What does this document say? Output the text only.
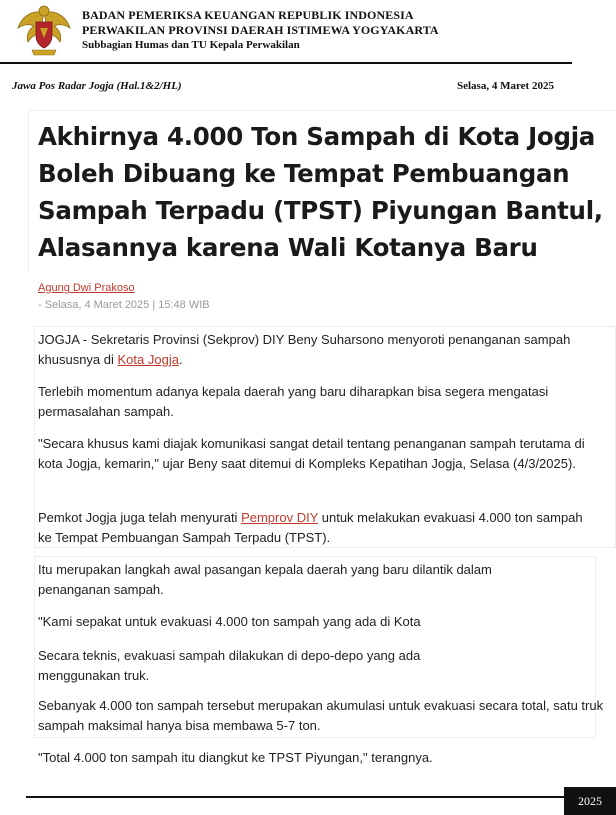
BADAN PEMERIKSA KEUANGAN REPUBLIK INDONESIA
PERWAKILAN PROVINSI DAERAH ISTIMEWA YOGYAKARTA
Subbagian Humas dan TU Kepala Perwakilan
Jawa Pos Radar Jogja (Hal.1&2/HL)	Selasa, 4 Maret 2025
Akhirnya 4.000 Ton Sampah di Kota Jogja Boleh Dibuang ke Tempat Pembuangan Sampah Terpadu (TPST) Piyungan Bantul, Alasannya karena Wali Kotanya Baru
Agung Dwi Prakoso
- Selasa, 4 Maret 2025 | 15:48 WIB

JOGJA - Sekretaris Provinsi (Sekprov) DIY Beny Suharsono menyoroti penanganan sampah khususnya di Kota Jogja.

Terlebih momentum adanya kepala daerah yang baru diharapkan bisa segera mengatasi permasalahan sampah.

"Secara khusus kami diajak komunikasi sangat detail tentang penanganan sampah terutama di kota Jogja, kemarin," ujar Beny saat ditemui di Kompleks Kepatihan Jogja, Selasa (4/3/2025).

Pemkot Jogja juga telah menyurati Pemprov DIY untuk melakukan evakuasi 4.000 ton sampah ke Tempat Pembuangan Sampah Terpadu (TPST).

Itu merupakan langkah awal pasangan kepala daerah yang baru dilantik dalam
penanganan sampah.
"Kami sepakat untuk evakuasi 4.000 ton sampah yang ada di Kota
Secara teknis, evakuasi sampah dilakukan di depo-depo yang ada
menggunakan truk.

Sebanyak 4.000 ton sampah tersebut merupakan akumulasi untuk evakuasi secara total, satu truk sampah maksimal hanya bisa membawa 5-7 ton.

"Total 4.000 ton sampah itu diangkut ke TPST Piyungan," terangnya.

2025
